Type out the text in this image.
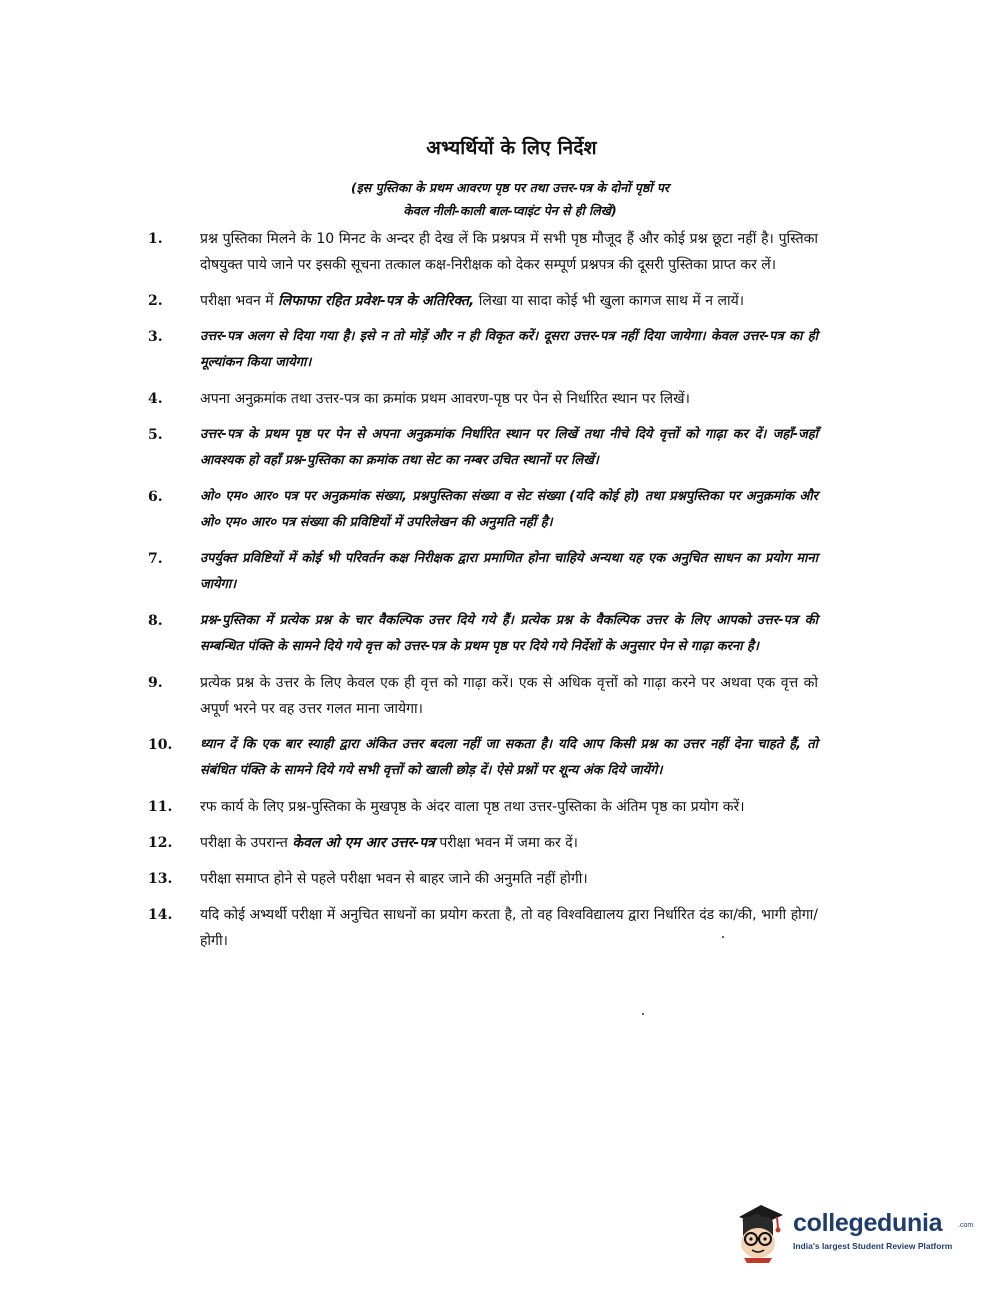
अभ्यर्थियों के लिए निर्देश
(इस पुस्तिका के प्रथम आवरण पृष्ठ पर तथा उत्तर-पत्र के दोनों पृष्ठों पर
केवल नीली-काली बाल-प्वाइंट पेन से ही लिखें)
1.	प्रश्न पुस्तिका मिलने के 10 मिनट के अन्दर ही देख लें कि प्रश्नपत्र में सभी पृष्ठ मौजूद हैं और कोई प्रश्न छूटा नहीं है। पुस्तिका दोषयुक्त पाये जाने पर इसकी सूचना तत्काल कक्ष-निरीक्षक को देकर सम्पूर्ण प्रश्नपत्र की दूसरी पुस्तिका प्राप्त कर लें।
2.	परीक्षा भवन में लिफाफा रहित प्रवेश-पत्र के अतिरिक्त, लिखा या सादा कोई भी खुला कागज साथ में न लायें।
3.	उत्तर-पत्र अलग से दिया गया है। इसे न तो मोड़ें और न ही विकृत करें। दूसरा उत्तर-पत्र नहीं दिया जायेगा। केवल उत्तर-पत्र का ही मूल्यांकन किया जायेगा।
4.	अपना अनुक्रमांक तथा उत्तर-पत्र का क्रमांक प्रथम आवरण-पृष्ठ पर पेन से निर्धारित स्थान पर लिखें।
5.	उत्तर-पत्र के प्रथम पृष्ठ पर पेन से अपना अनुक्रमांक निर्धारित स्थान पर लिखें तथा नीचे दिये वृत्तों को गाढ़ा कर दें। जहाँ-जहाँ आवश्यक हो वहाँ प्रश्न-पुस्तिका का क्रमांक तथा सेट का नम्बर उचित स्थानों पर लिखें।
6.	ओ० एम० आर० पत्र पर अनुक्रमांक संख्या, प्रश्नपुस्तिका संख्या व सेट संख्या (यदि कोई हो) तथा प्रश्नपुस्तिका पर अनुक्रमांक और ओ० एम० आर० पत्र संख्या की प्रविष्टियों में उपरिलेखन की अनुमति नहीं है।
7.	उपर्युक्त प्रविष्टियों में कोई भी परिवर्तन कक्ष निरीक्षक द्वारा प्रमाणित होना चाहिये अन्यथा यह एक अनुचित साधन का प्रयोग माना जायेगा।
8.	प्रश्न-पुस्तिका में प्रत्येक प्रश्न के चार वैकल्पिक उत्तर दिये गये हैं। प्रत्येक प्रश्न के वैकल्पिक उत्तर के लिए आपको उत्तर-पत्र की सम्बन्धित पंक्ति के सामने दिये गये वृत्त को उत्तर-पत्र के प्रथम पृष्ठ पर दिये गये निर्देशों के अनुसार पेन से गाढ़ा करना है।
9.	प्रत्येक प्रश्न के उत्तर के लिए केवल एक ही वृत्त को गाढ़ा करें। एक से अधिक वृत्तों को गाढ़ा करने पर अथवा एक वृत्त को अपूर्ण भरने पर वह उत्तर गलत माना जायेगा।
10.	ध्यान दें कि एक बार स्याही द्वारा अंकित उत्तर बदला नहीं जा सकता है। यदि आप किसी प्रश्न का उत्तर नहीं देना चाहते हैं, तो संबंधित पंक्ति के सामने दिये गये सभी वृत्तों को खाली छोड़ दें। ऐसे प्रश्नों पर शून्य अंक दिये जायेंगे।
11.	रफ कार्य के लिए प्रश्न-पुस्तिका के मुखपृष्ठ के अंदर वाला पृष्ठ तथा उत्तर-पुस्तिका के अंतिम पृष्ठ का प्रयोग करें।
12.	परीक्षा के उपरान्त केवल ओ एम आर उत्तर-पत्र परीक्षा भवन में जमा कर दें।
13.	परीक्षा समाप्त होने से पहले परीक्षा भवन से बाहर जाने की अनुमति नहीं होगी।
14.	यदि कोई अभ्यर्थी परीक्षा में अनुचित साधनों का प्रयोग करता है, तो वह विश्वविद्यालय द्वारा निर्धारित दंड का/की, भागी होगा/होगी।
collegedunia .com
India's largest Student Review Platform
